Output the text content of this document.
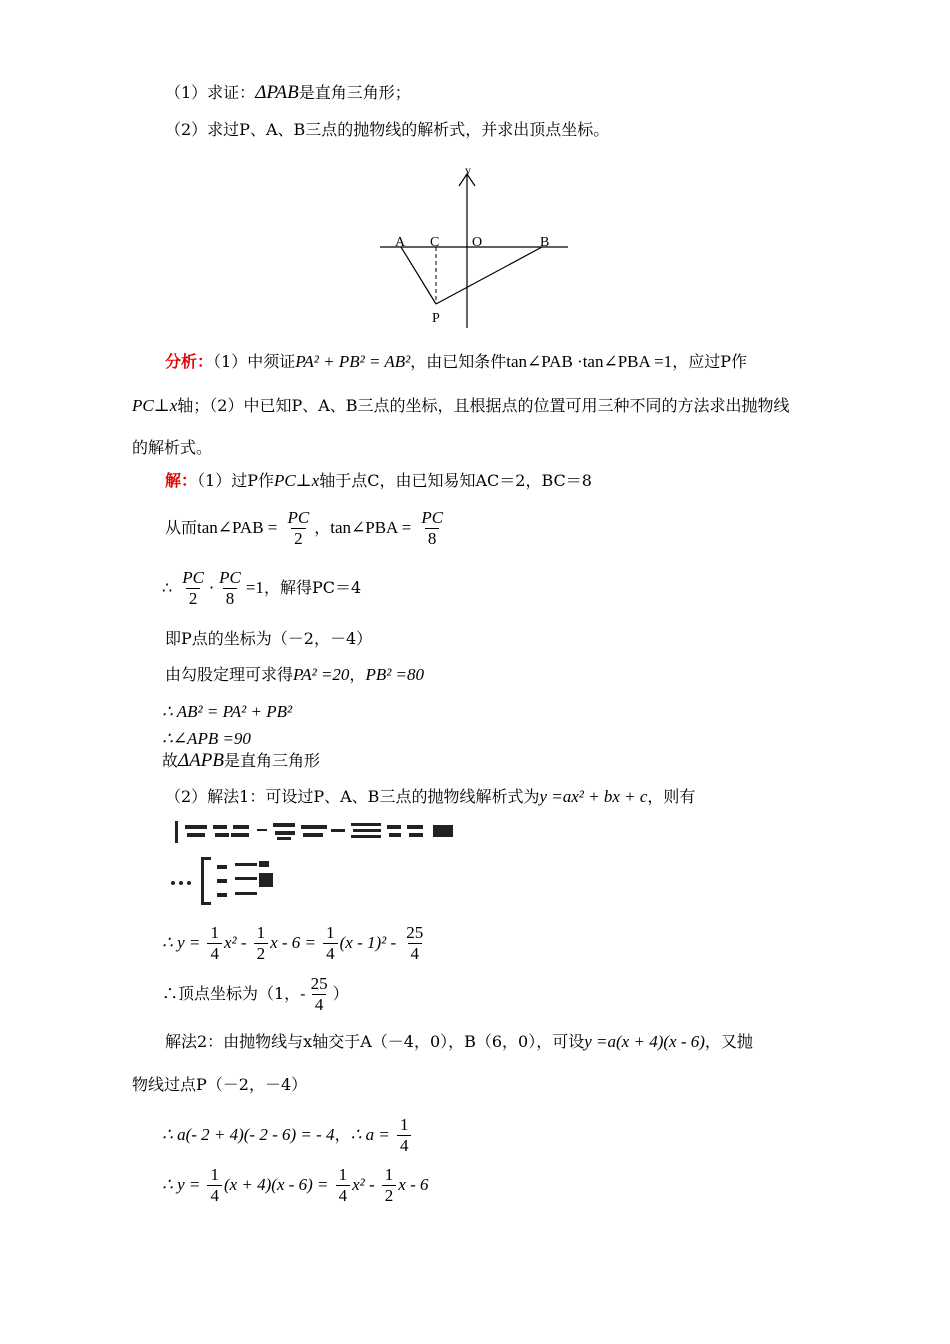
（1）求证：ΔPAB是直角三角形；
（2）求过P、A、B三点的抛物线的解析式，并求出顶点坐标。
y
A C O	B
P
分析：（1）中须证PA² + PB² = AB²，由已知条件tan∠PAB ·tan∠PBA =1，应过P作
PC⊥x轴；（2）中已知P、A、B三点的坐标，且根据点的位置可用三种不同的方法求出抛物线
的解析式。
解：（1）过P作PC⊥x轴于点C，由已知易知AC＝2，BC＝8
从而tan∠PAB = $\frac{PC}{2}$ ，tan∠PBA = $\frac{PC}{8}$
∴ $\frac{PC}{2} \cdot \frac{PC}{8} =1$，解得PC＝4
即P点的坐标为（－2，－4）
由勾股定理可求得PA² =20，PB² =80
∴ AB² = PA² + PB²
∴∠APB =90
故ΔAPB是直角三角形
（2）解法1：可设过P、A、B三点的抛物线解析式为y =ax² + bx + c，则有
∴ $y = \frac{1}{4} x^2 - \frac{1}{2}$ $x - 6 = \frac{1}{4} (x - 1)^2 - \frac{25}{4}$
∴顶点坐标为（1，- $\frac{25}{4}$ ）
解法2：由抛物线与x轴交于A（－4，0），B（6，0），可设y =a(x + 4)(x - 6)，又抛
物线过点P（－2，－4）
∴ a(- 2 + 4)(- 2 - 6) = - 4，∴ $a = \frac{1}{4}$
∴ $y = \frac{1}{4} (x + 4)(x - 6) = \frac{1}{4} x^2 - \frac{1}{2}$ x - 6
